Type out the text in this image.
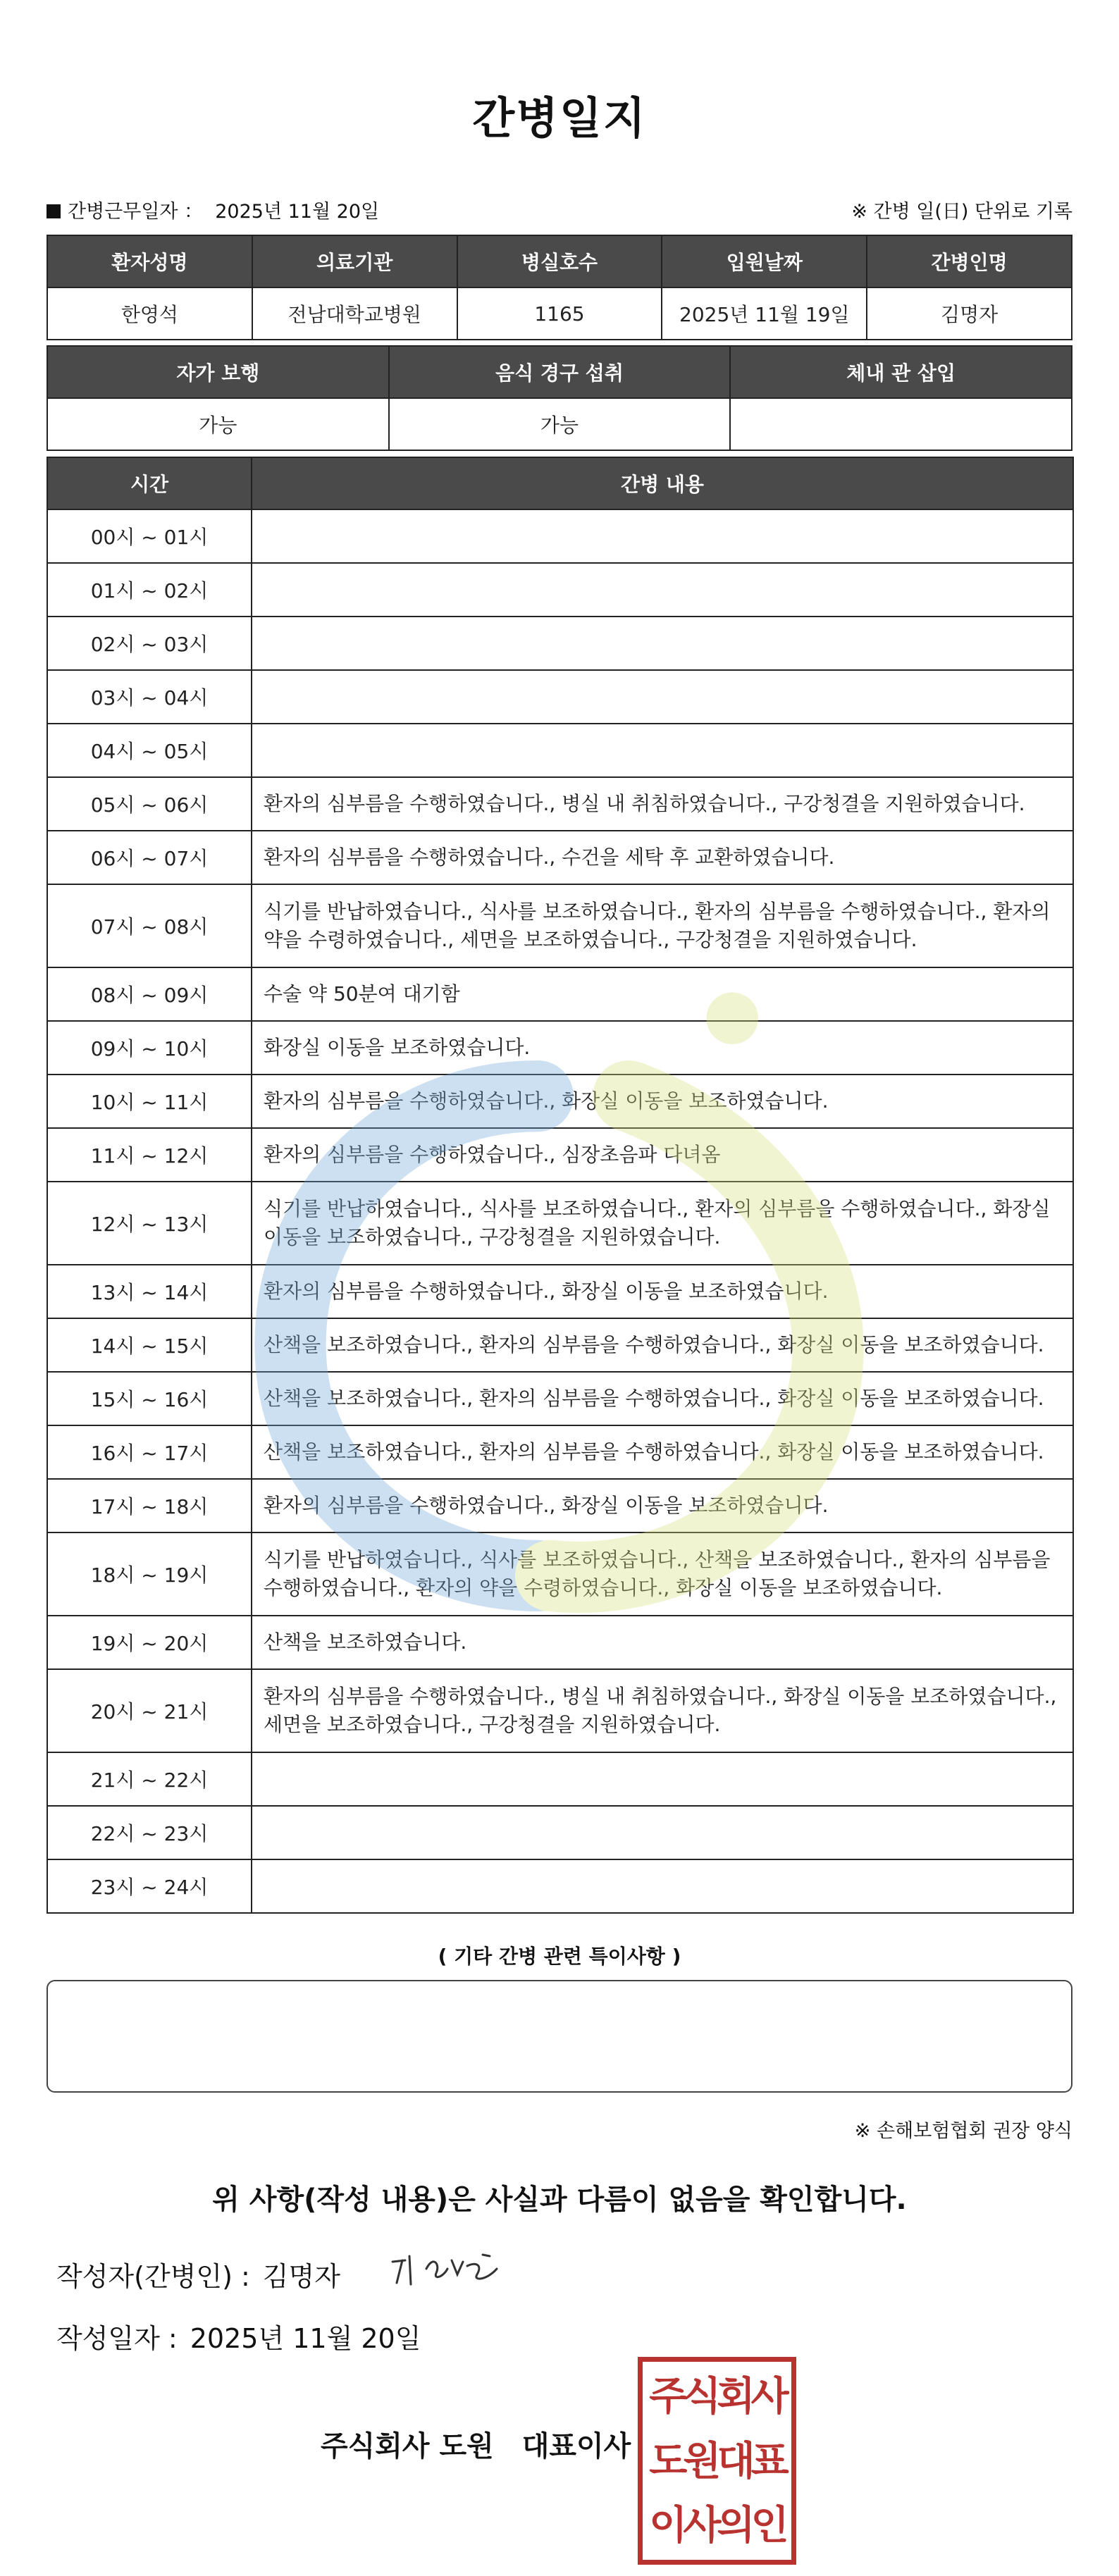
간병일지
간병근무일자 ： 2025년 11월 20일	※ 간병 일(日) 단위로 기록
환자성명	의료기관	병실호수	입원날짜	간병인명
한영석	전남대학교병원	1165	2025년 11월 19일	김명자
자가 보행	음식 경구 섭취	체내 관 삽입
가능	가능	
시간	간병 내용
00시 ~ 01시	
01시 ~ 02시	
02시 ~ 03시	
03시 ~ 04시	
04시 ~ 05시	
05시 ~ 06시	환자의 심부름을 수행하였습니다., 병실 내 취침하였습니다., 구강청결을 지원하였습니다.
06시 ~ 07시	환자의 심부름을 수행하였습니다., 수건을 세탁 후 교환하였습니다.
07시 ~ 08시	식기를 반납하였습니다., 식사를 보조하였습니다., 환자의 심부름을 수행하였습니다., 환자의 약을 수령하였습니다., 세면을 보조하였습니다., 구강청결을 지원하였습니다.
08시 ~ 09시	수술 약 50분여 대기함
09시 ~ 10시	화장실 이동을 보조하였습니다.
10시 ~ 11시	환자의 심부름을 수행하였습니다., 화장실 이동을 보조하였습니다.
11시 ~ 12시	환자의 심부름을 수행하였습니다., 심장초음파 다녀옴
12시 ~ 13시	식기를 반납하였습니다., 식사를 보조하였습니다., 환자의 심부름을 수행하였습니다., 화장실 이동을 보조하였습니다., 구강청결을 지원하였습니다.
13시 ~ 14시	환자의 심부름을 수행하였습니다., 화장실 이동을 보조하였습니다.
14시 ~ 15시	산책을 보조하였습니다., 환자의 심부름을 수행하였습니다., 화장실 이동을 보조하였습니다.
15시 ~ 16시	산책을 보조하였습니다., 환자의 심부름을 수행하였습니다., 화장실 이동을 보조하였습니다.
16시 ~ 17시	산책을 보조하였습니다., 환자의 심부름을 수행하였습니다., 화장실 이동을 보조하였습니다.
17시 ~ 18시	환자의 심부름을 수행하였습니다., 화장실 이동을 보조하였습니다.
18시 ~ 19시	식기를 반납하였습니다., 식사를 보조하였습니다., 산책을 보조하였습니다., 환자의 심부름을 수행하였습니다., 환자의 약을 수령하였습니다., 화장실 이동을 보조하였습니다.
19시 ~ 20시	산책을 보조하였습니다.
20시 ~ 21시	환자의 심부름을 수행하였습니다., 병실 내 취침하였습니다., 화장실 이동을 보조하였습니다., 세면을 보조하였습니다., 구강청결을 지원하였습니다.
21시 ~ 22시	
22시 ~ 23시	
23시 ~ 24시	
( 기타 간병 관련 특이사항 )
※ 손해보험협회 권장 양식
위 사항(작성 내용)은 사실과 다름이 없음을 확인합니다.
작성자(간병인) : 김명자
작성일자 : 2025년 11월 20일
주식회사 도원　대표이사
주식회사
도원대표
이사의인
